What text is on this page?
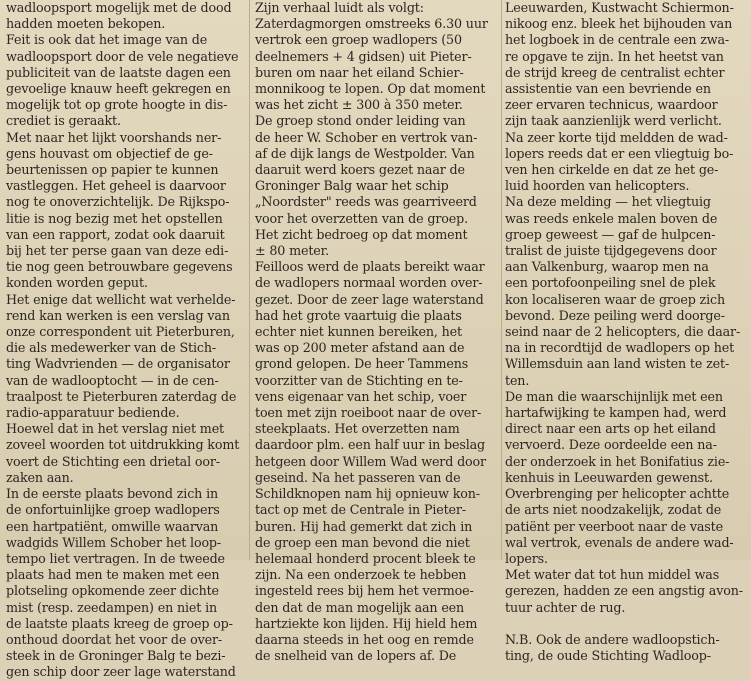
wadloopsport mogelijk met de dood

hadden moeten bekopen.

Feit is ook dat het image van de

wadloopsport door de vele negatieve

publiciteit van de laatste dagen een

gevoelige knauw heeft gekregen en

mogelijk tot op grote hoogte in dis-

crediet is geraakt.

Met naar het lijkt voorshands ner-

gens houvast om objectief de ge-

beurtenissen op papier te kunnen

vastleggen. Het geheel is daarvoor

nog te onoverzichtelijk. De Rijkspo-

litie is nog bezig met het opstellen

van een rapport, zodat ook daaruit

bij het ter perse gaan van deze edi-

tie nog geen betrouwbare gegevens

konden worden geput.

Het enige dat wellicht wat verhelde-

rend kan werken is een verslag van

onze correspondent uit Pieterburen,

die als medewerker van de Stich-

ting Wadvrienden — de organisator

van de wadlooptocht — in de cen-

traalpost te Pieterburen zaterdag de

radio-apparatuur bediende.

Hoewel dat in het verslag niet met

zoveel woorden tot uitdrukking komt

voert de Stichting een drietal oor-

zaken aan.

In de eerste plaats bevond zich in

de onfortuinlijke groep wadlopers

een hartpatiënt, omwille waarvan

wadgids Willem Schober het loop-

tempo liet vertragen. In de tweede

plaats had men te maken met een

plotseling opkomende zeer dichte

mist (resp. zeedampen) en niet in

de laatste plaats kreeg de groep op-

onthoud doordat het voor de over-

steek in de Groninger Balg te bezi-

gen schip door zeer lage waterstand

Zijn verhaal luidt als volgt:

Zaterdagmorgen omstreeks 6.30 uur

vertrok een groep wadlopers (50

deelnemers + 4 gidsen) uit Pieter-

buren om naar het eiland Schier-

monnikoog te lopen. Op dat moment

was het zicht ± 300 à 350 meter.

De groep stond onder leiding van

de heer W. Schober en vertrok van-

af de dijk langs de Westpolder. Van

daaruit werd koers gezet naar de

Groninger Balg waar het schip

„Noordster" reeds was gearriveerd

voor het overzetten van de groep.

Het zicht bedroeg op dat moment

± 80 meter.

Feilloos werd de plaats bereikt waar

de wadlopers normaal worden over-

gezet. Door de zeer lage waterstand

had het grote vaartuig die plaats

echter niet kunnen bereiken, het

was op 200 meter afstand aan de

grond gelopen. De heer Tammens

voorzitter van de Stichting en te-

vens eigenaar van het schip, voer

toen met zijn roeiboot naar de over-

steekplaats. Het overzetten nam

daardoor plm. een half uur in beslag

hetgeen door Willem Wad werd door

geseind. Na het passeren van de

Schildknopen nam hij opnieuw kon-

tact op met de Centrale in Pieter-

buren. Hij had gemerkt dat zich in

de groep een man bevond die niet

helemaal honderd procent bleek te

zijn. Na een onderzoek te hebben

ingesteld rees bij hem het vermoe-

den dat de man mogelijk aan een

hartziekte kon lijden. Hij hield hem

daarna steeds in het oog en remde

de snelheid van de lopers af. De

Leeuwarden, Kustwacht Schiermon-

nikoog enz. bleek het bijhouden van

het logboek in de centrale een zwa-

re opgave te zijn. In het heetst van

de strijd kreeg de centralist echter

assistentie van een bevriende en

zeer ervaren technicus, waardoor

zijn taak aanzienlijk werd verlicht.

Na zeer korte tijd meldden de wad-

lopers reeds dat er een vliegtuig bo-

ven hen cirkelde en dat ze het ge-

luid hoorden van helicopters.

Na deze melding — het vliegtuig

was reeds enkele malen boven de

groep geweest — gaf de hulpcen-

tralist de juiste tijdgegevens door

aan Valkenburg, waarop men na

een portofoonpeiling snel de plek

kon localiseren waar de groep zich

bevond. Deze peiling werd doorge-

seind naar de 2 helicopters, die daar-

na in recordtijd de wadlopers op het

Willemsduin aan land wisten te zet-

ten.

De man die waarschijnlijk met een

hartafwijking te kampen had, werd

direct naar een arts op het eiland

vervoerd. Deze oordeelde een na-

der onderzoek in het Bonifatius zie-

kenhuis in Leeuwarden gewenst.

Overbrenging per helicopter achtte

de arts niet noodzakelijk, zodat de

patiënt per veerboot naar de vaste

wal vertrok, evenals de andere wad-

lopers.

Met water dat tot hun middel was

gerezen, hadden ze een angstig avon-

tuur achter de rug.

N.B. Ook de andere wadloopstich-

ting, de oude Stichting Wadloop-
